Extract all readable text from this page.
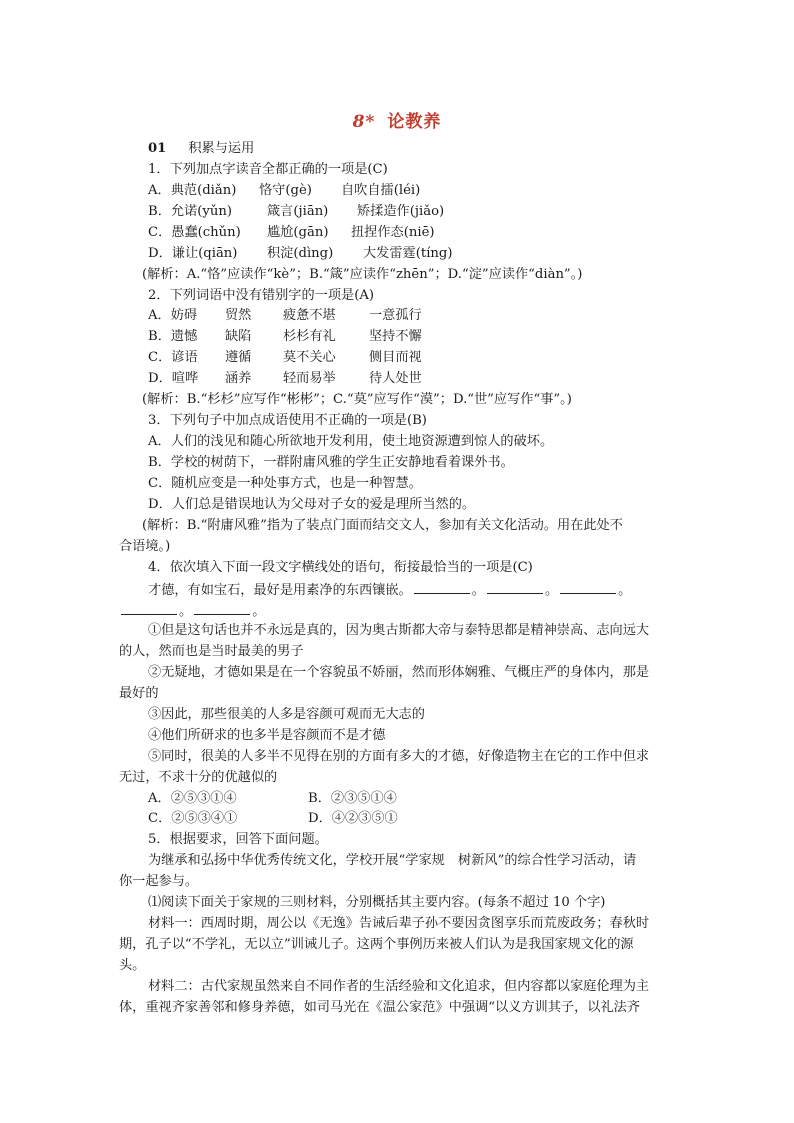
8* 论教养
01 积累与运用
1．下列加点字读音全都正确的一项是(C)
A．典范(diǎn) 恪守(gè) 自吹自擂(léi)
B．允诺(yǔn)	箴言(jiān) 矫揉造作(jiǎo)
C．愚蠢(chǔn) 尴尬(gān) 扭捏作态(niē)
D．谦让(qiān) 积淀(dìng) 大发雷霆(tíng)
(解析：A.“恪”应读作“kè”；B.“箴”应读作“zhēn”；D.“淀”应读作“diàn”。)
2．下列词语中没有错别字的一项是(A)
A．妨碍 贸然 疲惫不堪	一意孤行
B．遗憾 缺陷 杉杉有礼	坚持不懈
C．谚语 遵循 莫不关心	侧目而视
D．喧哗 涵养 轻而易举	待人处世
(解析：B.“杉杉”应写作“彬彬”；C.“莫”应写作“漠”；D.“世”应写作“事”。)
3．下列句子中加点成语使用不正确的一项是(B)
A．人们的浅见和随心所欲地开发利用，使土地资源遭到惊人的破坏。
B．学校的树荫下，一群附庸风雅的学生正安静地看着课外书。
C．随机应变是一种处事方式，也是一种智慧。
D．人们总是错误地认为父母对子女的爱是理所当然的。
(解析：B.“附庸风雅”指为了装点门面而结交文人，参加有关文化活动。用在此处不
合语境。)
4．依次填入下面一段文字横线处的语句，衔接最恰当的一项是(C)
才德，有如宝石，最好是用素净的东西镶嵌。	。	。	。
。	。
①但是这句话也并不永远是真的，因为奥古斯都大帝与泰特思都是精神崇高、志向远大
的人，然而也是当时最美的男子
②无疑地，才德如果是在一个容貌虽不娇丽，然而形体娴雅、气概庄严的身体内，那是
最好的
③因此，那些很美的人多是容颜可观而无大志的
④他们所研求的也多半是容颜而不是才德
⑤同时，很美的人多半不见得在别的方面有多大的才德，好像造物主在它的工作中但求
无过，不求十分的优越似的
A．②⑤③①④	B．②③⑤①④
C．②⑤③④①	D．④②③⑤①
5．根据要求，回答下面问题。
为继承和弘扬中华优秀传统文化，学校开展“学家规　树新风”的综合性学习活动，请
你一起参与。
⑴阅读下面关于家规的三则材料，分别概括其主要内容。(每条不超过 10 个字)
材料一：西周时期，周公以《无逸》告诫后辈子孙不要因贪图享乐而荒废政务；春秋时
期，孔子以“不学礼，无以立”训诫儿子。这两个事例历来被人们认为是我国家规文化的源
头。
材料二：古代家规虽然来自不同作者的生活经验和文化追求，但内容都以家庭伦理为主
体，重视齐家善邻和修身养德，如司马光在《温公家范》中强调“以义方训其子，以礼法齐
